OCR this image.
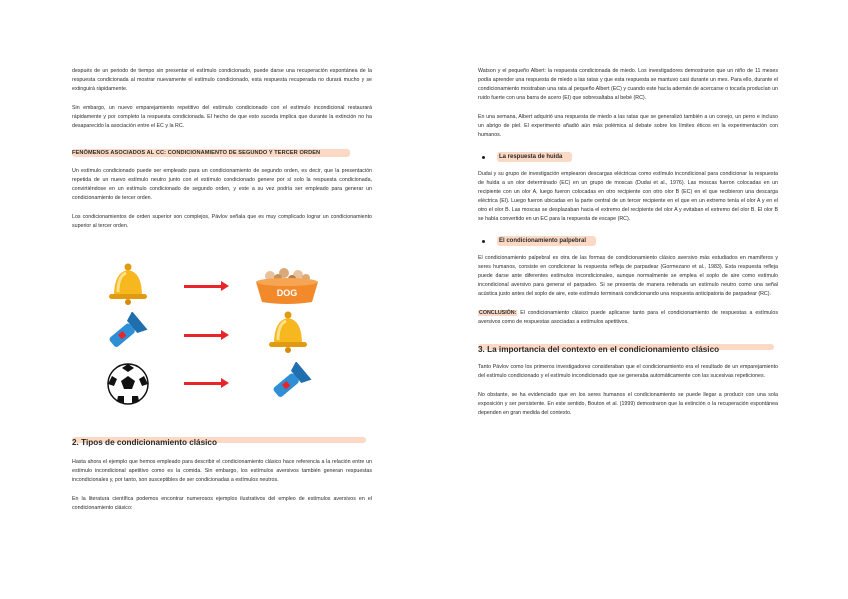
después de un periodo de tiempo sin presentar el estímulo condicionado, puede darse una recuperación espontánea de la respuesta condicionada al mostrar nuevamente el estímulo condicionado, esta respuesta recuperada no durará mucho y se extinguirá rápidamente.

Sin embargo, un nuevo emparejamiento repetitivo del estímulo condicionado con el estímulo incondicional restaurará rápidamente y por completo la respuesta condicionada. El hecho de que esto suceda implica que durante la extinción no ha desaparecido la asociación entre el EC y la RC.

FENÓMENOS ASOCIADOS AL CC: CONDICIONAMIENTO DE SEGUNDO Y TERCER ORDEN

Un estímulo condicionado puede ser empleado para un condicionamiento de segundo orden, es decir, que la presentación repetida de un nuevo estímulo neutro junto con el estímulo condicionado genere por sí solo la respuesta condicionada, convirtiéndose en un estímulo condicionado de segundo orden, y este a su vez podría ser empleado para generar un condicionamiento de tercer orden.

Los condicionamientos de orden superior son complejos, Pávlov señala que es muy complicado lograr un condicionamiento superior al tercer orden.

DOG
2. Tipos de condicionamiento clásico

Hasta ahora el ejemplo que hemos empleado para describir el condicionamiento clásico hace referencia a la relación entre un estímulo incondicional apetitivo como es la comida. Sin embargo, los estímulos aversivos también generan respuestas incondicionales y, por tanto, son susceptibles de ser condicionadas a estímulos neutros.

En la literatura científica podemos encontrar numerosos ejemplos ilustrativos del empleo de estímulos aversivos en el condicionamiento clásico:

Watson y el pequeño Albert: la respuesta condicionada de miedo. Los investigadores demostraron que un niño de 11 meses podía aprender una respuesta de miedo a las ratas y que esta respuesta se mantuvo casi durante un mes. Para ello, durante el condicionamiento mostraban una rata al pequeño Albert (EC) y cuando este hacía ademán de acercarse o tocarla producían un ruido fuerte con una barra de acero (EI) que sobresaltaba al bebé (RC).

En una semana, Albert adquirió una respuesta de miedo a las ratas que se generalizó también a un conejo, un perro e incluso un abrigo de piel. El experimento añadió aún más polémica al debate sobre los límites éticos en la experimentación con humanos.

La respuesta de huida

Dudai y su grupo de investigación emplearon descargas eléctricas como estímulo incondicional para condicionar la respuesta de huida a un olor determinado (EC) en un grupo de moscas (Dudai et al., 1976). Las moscas fueron colocadas en un recipiente con un olor A, luego fueron colocadas en otro recipiente con otro olor B (EC) en el que recibieron una descarga eléctrica (EI). Luego fueron ubicadas en la parte central de un tercer recipiente en el que en un extremo tenía el olor A y en el otro el olor B. Las moscas se desplazaban hacia el extremo del recipiente del olor A y evitaban el extremo del olor B. El olor B se había convertido en un EC para la respuesta de escape (RC).

El condicionamiento palpebral

El condicionamiento palpebral es otra de las formas de condicionamiento clásico aversivo más estudiados en mamíferos y seres humanos, consiste en condicionar la respuesta refleja de parpadear (Gormezano et al., 1983). Esta respuesta refleja puede darse ante diferentes estímulos incondicionales, aunque normalmente se emplea el soplo de aire como estímulo incondicional aversivo para generar el parpadeo. Si se presenta de manera reiterada un estímulo neutro como una señal acústica justo antes del soplo de aire, este estímulo terminará condicionando una respuesta anticipatoria de parpadear (RC).

CONCLUSIÓN: El condicionamiento clásico puede aplicarse tanto para el condicionamiento de respuestas a estímulos aversivos como de respuestas asociadas a estímulos apetitivos.

3. La importancia del contexto en el condicionamiento clásico

Tanto Pávlov como los primeros investigadores consideraban que el condicionamiento era el resultado de un emparejamiento del estímulo condicionado y el estímulo incondicionado que se generaba automáticamente con las sucesivas repeticiones.

No obstante, se ha evidenciado que en los seres humanos el condicionamiento se puede llegar a producir con una sola exposición y ser persistente. En este sentido, Bouton et al. (1999) demostraron que la extinción o la recuperación espontánea dependen en gran medida del contexto.
